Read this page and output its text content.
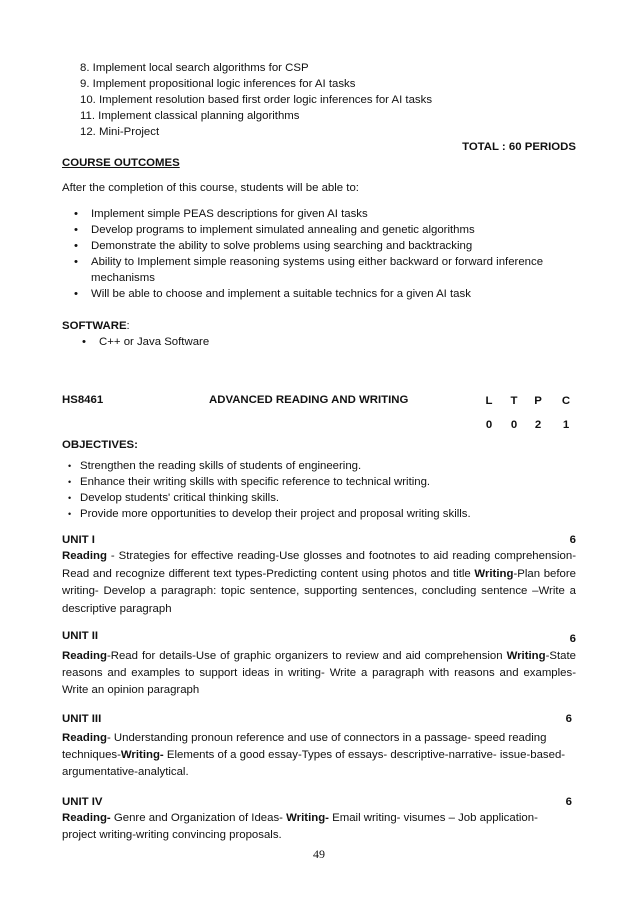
8. Implement local search algorithms for CSP
9. Implement propositional logic inferences for AI tasks
10. Implement resolution based first order logic inferences for AI tasks
11. Implement classical planning algorithms
12. Mini-Project
TOTAL : 60 PERIODS
COURSE OUTCOMES
After the completion of this course, students will be able to:
• Implement simple PEAS descriptions for given AI tasks
• Develop programs to implement simulated annealing and genetic algorithms
• Demonstrate the ability to solve problems using searching and backtracking
• Ability to Implement simple reasoning systems using either backward or forward inference mechanisms
• Will be able to choose and implement a suitable technics for a given AI task
SOFTWARE:
• C++ or Java Software
HS8461	ADVANCED READING AND WRITING	L	T	P C
0	0	2	1
OBJECTIVES:
• Strengthen the reading skills of students of engineering.
• Enhance their writing skills with specific reference to technical writing.
• Develop students' critical thinking skills.
• Provide more opportunities to develop their project and proposal writing skills.
UNIT I	6

Reading - Strategies for effective reading-Use glosses and footnotes to aid reading comprehension- Read and recognize different text types-Predicting content using photos and title Writing-Plan before writing- Develop a paragraph: topic sentence, supporting sentences, concluding sentence –Write a descriptive paragraph

UNIT II	6

Reading-Read for details-Use of graphic organizers to review and aid comprehension Writing-State reasons and examples to support ideas in writing- Write a paragraph with reasons and examples- Write an opinion paragraph

UNIT III	6
Reading- Understanding pronoun reference and use of connectors in a passage- speed reading techniques-Writing- Elements of a good essay-Types of essays- descriptive-narrative- issue-based-argumentative-analytical.
UNIT IV	6
Reading- Genre and Organization of Ideas- Writing- Email writing- visumes – Job application-project writing-writing convincing proposals.
49
